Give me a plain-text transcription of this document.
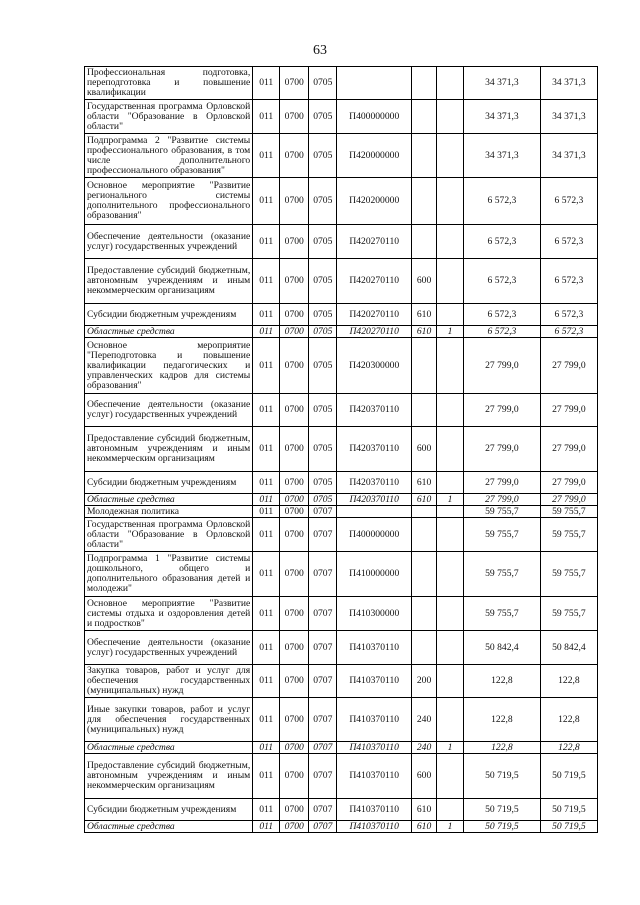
63
Профессиональная подготовка, переподготовка и повышение квалификации	011	0700	0705				34 371,3	34 371,3
Государственная программа Орловской области "Образование в Орловской области"	011	0700	0705	П400000000			34 371,3	34 371,3
Подпрограмма 2 "Развитие системы профессионального образования, в том числе дополнительного профессионального образования"	011	0700	0705	П420000000			34 371,3	34 371,3
Основное мероприятие "Развитие регионального системы дополнительного профессионального образования"	011	0700	0705	П420200000			6 572,3	6 572,3
Обеспечение деятельности (оказание услуг) государственных учреждений	011	0700	0705	П420270110			6 572,3	6 572,3
Предоставление субсидий бюджетным, автономным учреждениям и иным некоммерческим организациям	011	0700	0705	П420270110	600		6 572,3	6 572,3
Субсидии бюджетным учреждениям	011	0700	0705	П420270110	610		6 572,3	6 572,3
Областные средства	011	0700	0705	П420270110	610	1	6 572,3	6 572,3
Основное мероприятие "Переподготовка и повышение квалификации педагогических и управленческих кадров для системы образования"	011	0700	0705	П420300000			27 799,0	27 799,0
Обеспечение деятельности (оказание услуг) государственных учреждений	011	0700	0705	П420370110			27 799,0	27 799,0
Предоставление субсидий бюджетным, автономным учреждениям и иным некоммерческим организациям	011	0700	0705	П420370110	600		27 799,0	27 799,0
Субсидии бюджетным учреждениям	011	0700	0705	П420370110	610		27 799,0	27 799,0
Областные средства	011	0700	0705	П420370110	610	1	27 799,0	27 799,0
Молодежная политика	011	0700	0707				59 755,7	59 755,7
Государственная программа Орловской области "Образование в Орловской области"	011	0700	0707	П400000000			59 755,7	59 755,7
Подпрограмма 1 "Развитие системы дошкольного, общего и дополнительного образования детей и молодежи"	011	0700	0707	П410000000			59 755,7	59 755,7
Основное мероприятие "Развитие системы отдыха и оздоровления детей и подростков"	011	0700	0707	П410300000			59 755,7	59 755,7
Обеспечение деятельности (оказание услуг) государственных учреждений	011	0700	0707	П410370110			50 842,4	50 842,4
Закупка товаров, работ и услуг для обеспечения государственных (муниципальных) нужд	011	0700	0707	П410370110	200		122,8	122,8
Иные закупки товаров, работ и услуг для обеспечения государственных (муниципальных) нужд	011	0700	0707	П410370110	240		122,8	122,8
Областные средства	011	0700	0707	П410370110	240	1	122,8	122,8
Предоставление субсидий бюджетным, автономным учреждениям и иным некоммерческим организациям	011	0700	0707	П410370110	600		50 719,5	50 719,5
Субсидии бюджетным учреждениям	011	0700	0707	П410370110	610		50 719,5	50 719,5
Областные средства	011	0700	0707	П410370110	610	1	50 719,5	50 719,5
